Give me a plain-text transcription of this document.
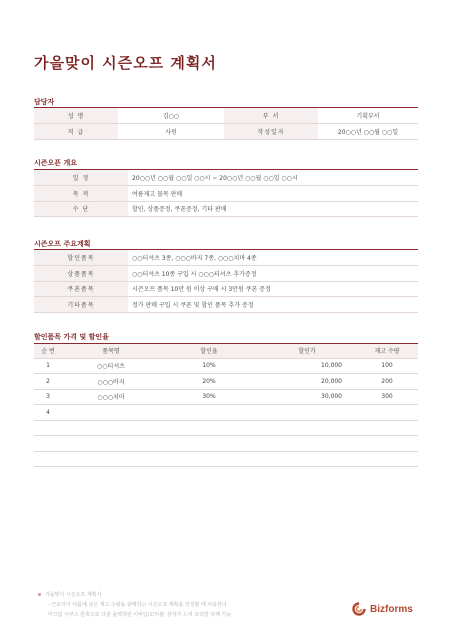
가을맞이 시즌오프 계획서
담당자
성 명	김○○	부 서	기획부서
직 급	사원	작성일자	20○○년 ○○월 ○○일
시즌오픈 개요
일 정	20○○년 ○○월 ○○일 ○○시 ~ 20○○년 ○○월 ○○일 ○○시
목 적	여름재고 물목 판매
수 단	할인, 상품증정, 쿠폰증정, 기타 판매
시즌오프 주요계획
할인품목	○○티셔츠 3종, ○○○바지 7종, ○○○치마 4종
상품품목	○○티셔츠 10종 구입 시 ○○○티셔츠 추가증정
쿠폰품목	시즌오프 품목 10만 원 이상 구매 시 3만원 쿠폰 증정
기타품목	정가 판매 구입 시 쿠폰 및 할인 품목 추가 증정
할인품목 가격 및 할인율
순 번	품목명	할인율	할인가	재고 수량
1	○○티셔츠	10%	10,000	100
2	○○○바지	20%	20,000	200
3	○○○치마	30%	30,000	300
4				

가을맞이 시즌오프 계획서
- 근로자가 여름에 남은 재고 수량을 판매하는 시즌오프 계획을 작성할 때 사용한다.
미끄럼 이쿠스 한쪽으로 다골 솔력하된 이비당/꼬리볼' 상자가 드며 조리방 삭해 가능
Bizforms
